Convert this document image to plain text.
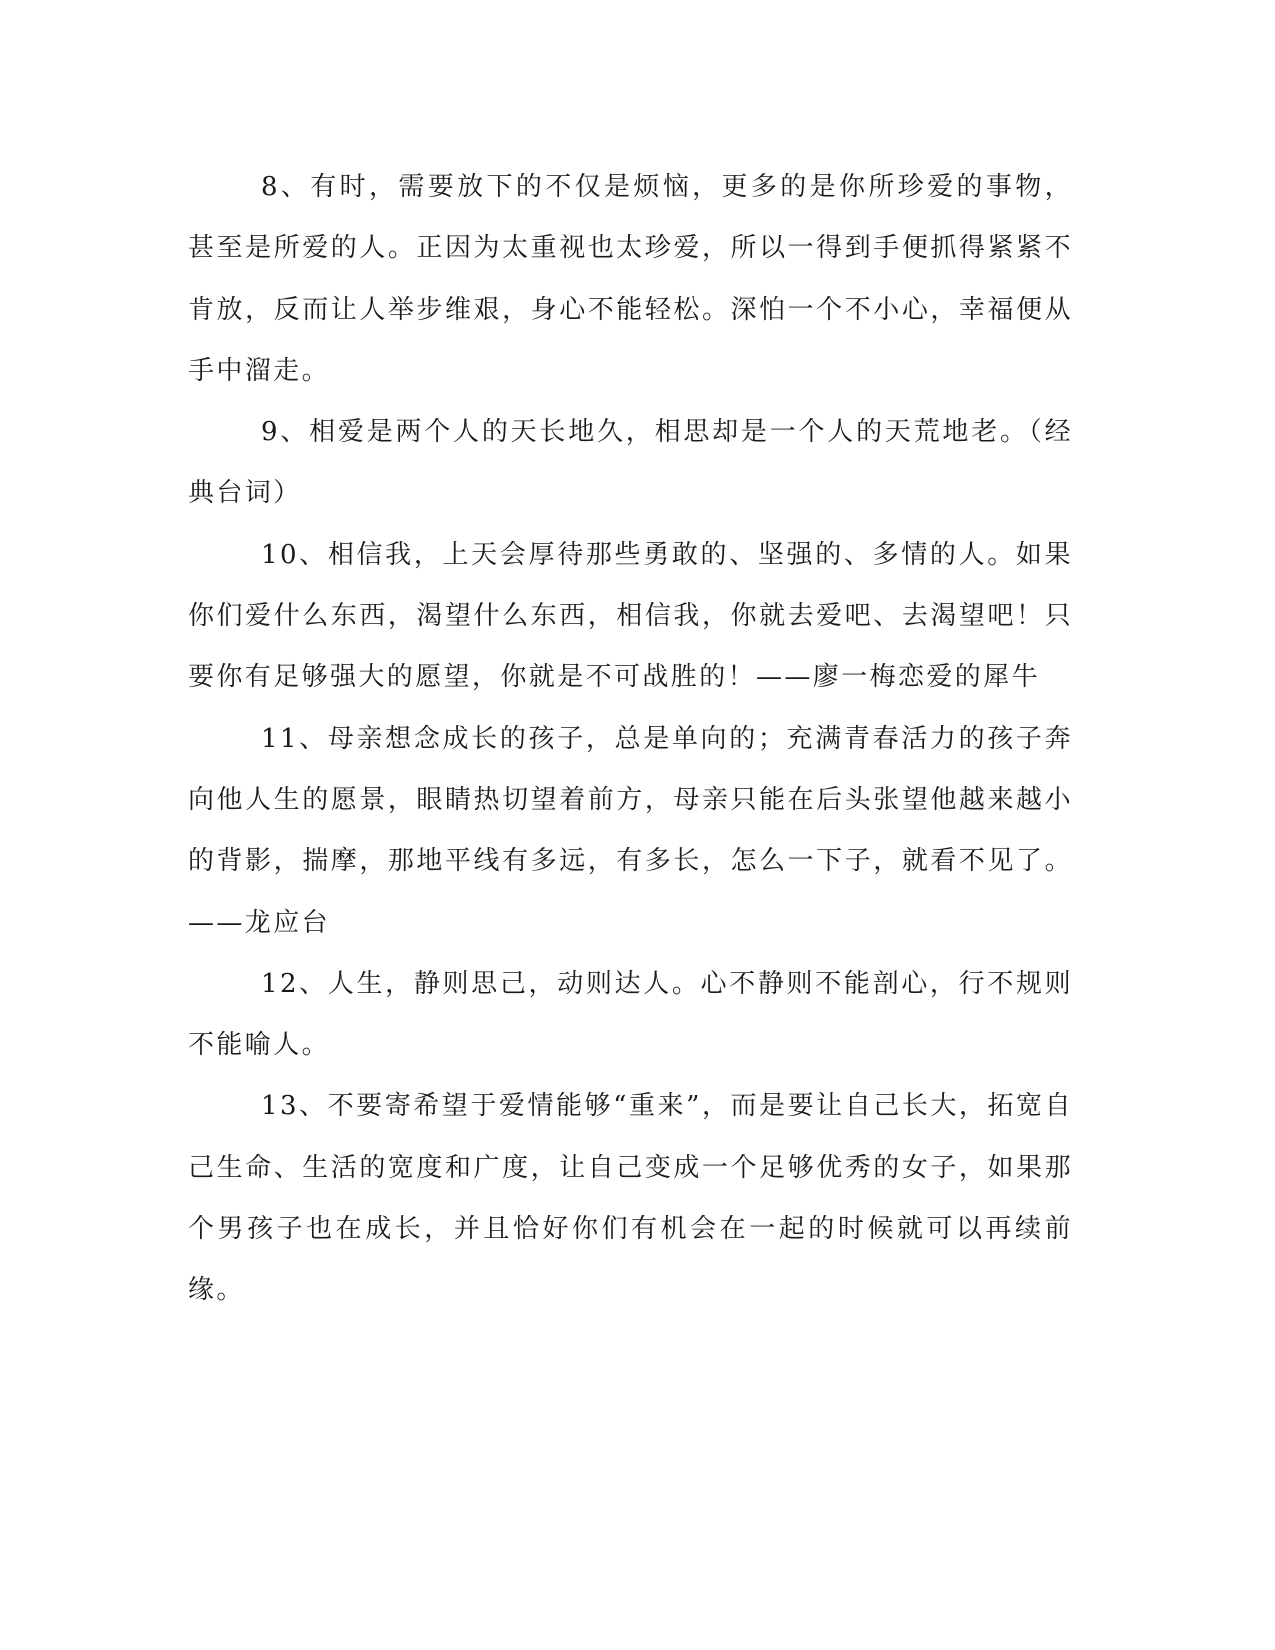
8、有时，需要放下的不仅是烦恼，更多的是你所珍爱的事物，甚至是所爱的人。正因为太重视也太珍爱，所以一得到手便抓得紧紧不肯放，反而让人举步维艰，身心不能轻松。深怕一个不小心，幸福便从手中溜走。

9、相爱是两个人的天长地久，相思却是一个人的天荒地老。（经典台词）

10、相信我，上天会厚待那些勇敢的、坚强的、多情的人。如果你们爱什么东西，渴望什么东西，相信我，你就去爱吧、去渴望吧！只要你有足够强大的愿望，你就是不可战胜的！——廖一梅恋爱的犀牛

11、母亲想念成长的孩子，总是单向的；充满青春活力的孩子奔向他人生的愿景，眼睛热切望着前方，母亲只能在后头张望他越来越小的背影，揣摩，那地平线有多远，有多长，怎么一下子，就看不见了。——龙应台

12、人生，静则思己，动则达人。心不静则不能剖心，行不规则不能喻人。

13、不要寄希望于爱情能够“重来”，而是要让自己长大，拓宽自己生命、生活的宽度和广度，让自己变成一个足够优秀的女子，如果那个男孩子也在成长，并且恰好你们有机会在一起的时候就可以再续前缘。
